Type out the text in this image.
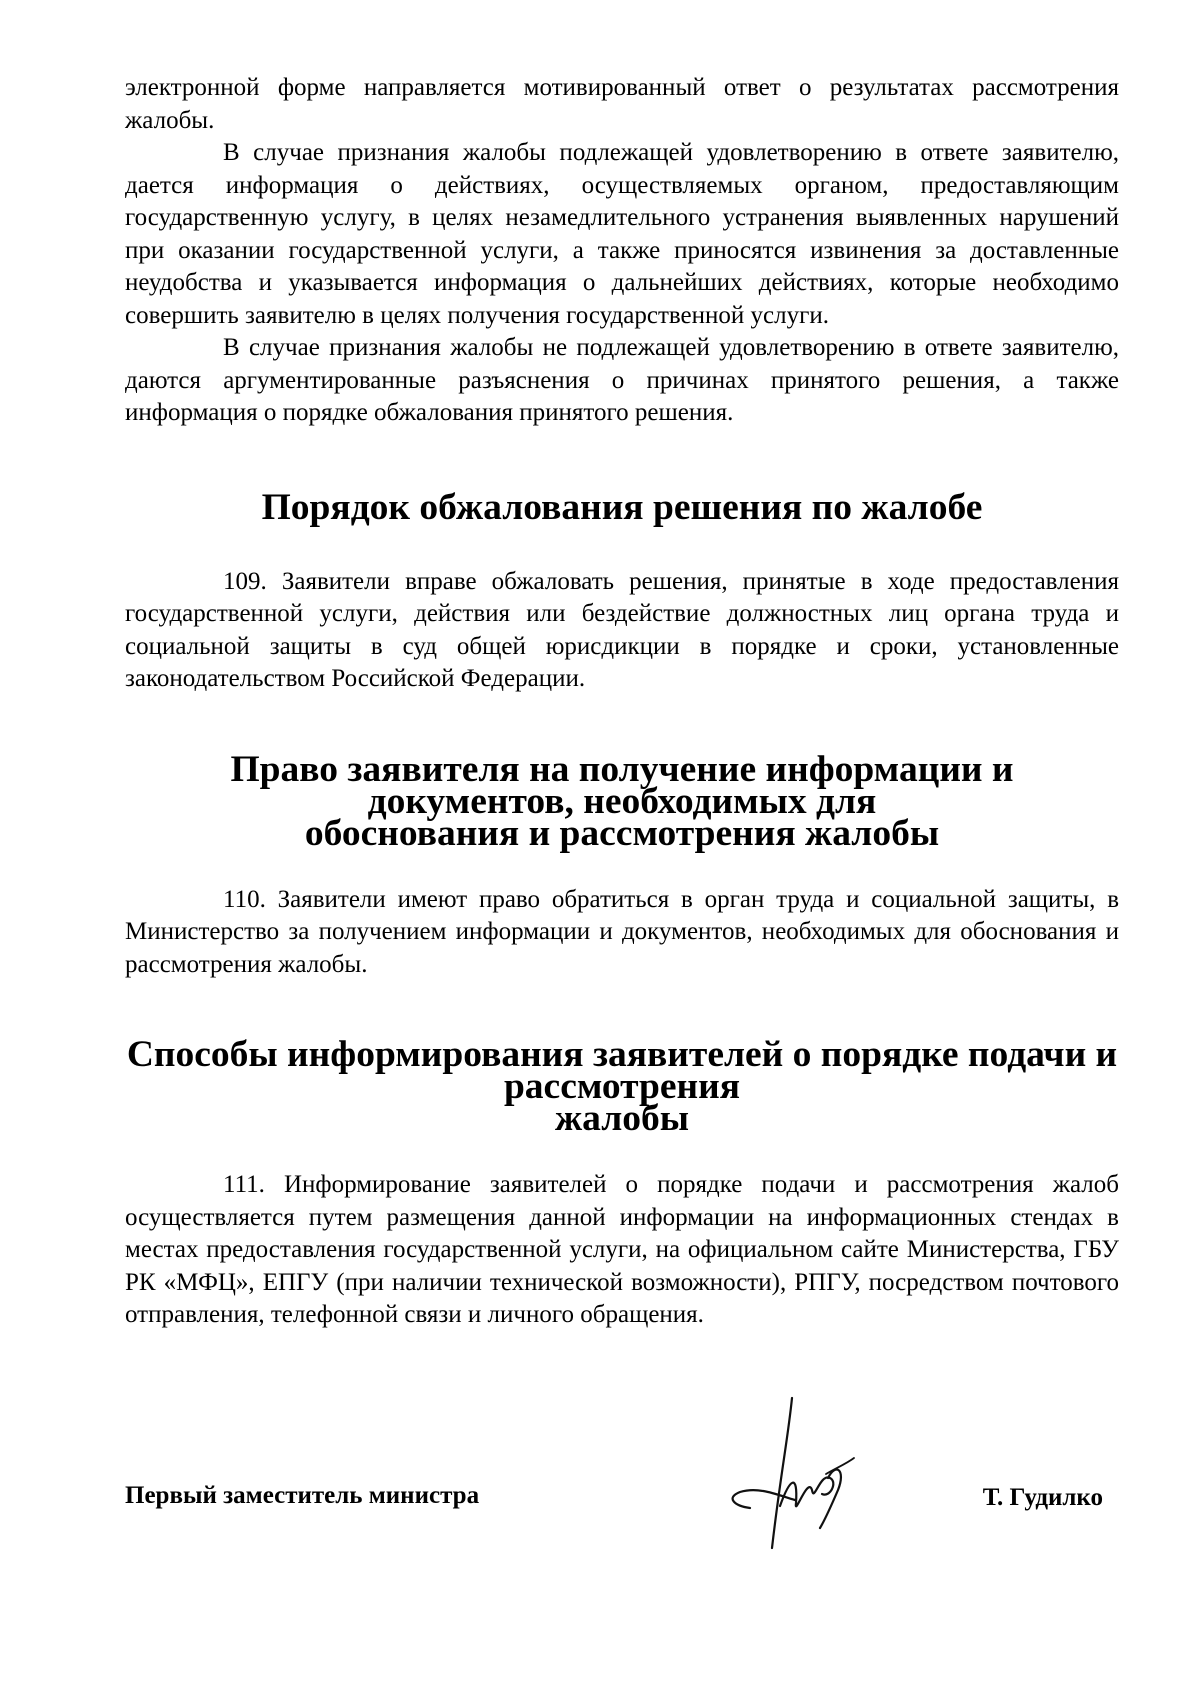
электронной форме направляется мотивированный ответ о результатах рассмотрения жалобы.

В случае признания жалобы подлежащей удовлетворению в ответе заявителю, дается информация о действиях, осуществляемых органом, предоставляющим государственную услугу, в целях незамедлительного устранения выявленных нарушений при оказании государственной услуги, а также приносятся извинения за доставленные неудобства и указывается информация о дальнейших действиях, которые необходимо совершить заявителю в целях получения государственной услуги.

В случае признания жалобы не подлежащей удовлетворению в ответе заявителю, даются аргументированные разъяснения о причинах принятого решения, а также информация о порядке обжалования принятого решения.

Порядок обжалования решения по жалобе

109. Заявители вправе обжаловать решения, принятые в ходе предоставления государственной услуги, действия или бездействие должностных лиц органа труда и социальной защиты в суд общей юрисдикции в порядке и сроки, установленные законодательством Российской Федерации.

Право заявителя на получение информации и документов, необходимых для
обоснования и рассмотрения жалобы

110. Заявители имеют право обратиться в орган труда и социальной защиты, в Министерство за получением информации и документов, необходимых для обоснования и рассмотрения жалобы.

Способы информирования заявителей о порядке подачи и рассмотрения
жалобы

111. Информирование заявителей о порядке подачи и рассмотрения жалоб осуществляется путем размещения данной информации на информационных стендах в местах предоставления государственной услуги, на официальном сайте Министерства, ГБУ РК «МФЦ», ЕПГУ (при наличии технической возможности), РПГУ, посредством почтового отправления, телефонной связи и личного обращения.

Первый заместитель министра	Т. Гудилко
